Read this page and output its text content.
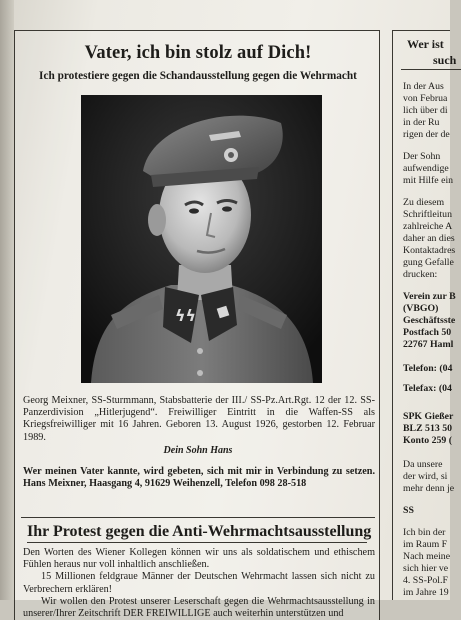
Vater, ich bin stolz auf Dich!
Ich protestiere gegen die Schandausstellung gegen die Wehrmacht
ϟϟ
Georg Meixner, SS-Sturmmann, Stabsbatterie der III./ SS-Pz.Art.Rgt. 12 der 12. SS-Panzerdivision „Hitlerjugend“. Freiwilliger Eintritt in die Waffen-SS als Kriegsfreiwilliger mit 16 Jahren. Geboren 13. August 1926, gestorben 12. Februar 1989.
Dein Sohn Hans
Wer meinen Vater kannte, wird gebeten, sich mit mir in Verbindung zu setzen. Hans Meixner, Haasgang 4, 91629 Weihenzell, Telefon 098 28-518
Ihr Protest gegen die Anti-Wehrmachtsausstellung

Den Worten des Wiener Kollegen können wir uns als soldatischem und ethischem Fühlen heraus nur voll inhaltlich anschließen.

15 Millionen feldgraue Männer der Deutschen Wehrmacht lassen sich nicht zu Verbrechern erklären!

Wir wollen den Protest unserer Leserschaft gegen die Wehrmachtsausstellung in unserer/Ihrer Zeitschrift DER FREIWILLIGE auch weiterhin unterstützen und

Wer ist
such
In der Aus
von Februa
lich über di
in der Ru
rigen der de
Der Sohn
aufwendige
mit Hilfe ein
Zu diesem
Schriftleitun
zahlreiche A
daher an dies
Kontaktadres
gung Gefalle
drucken:
Verein zur B
(VBGO)
Geschäftsste
Postfach 50
22767 Haml
Telefon: (04
Telefax: (04
SPK Gießer
BLZ 513 50
Konto 259 (
Da unsere
der wird, si
mehr denn je
SS
Ich bin der
im Raum F
Nach meine
sich hier ve
4. SS-Pol.F
im Jahre 19
